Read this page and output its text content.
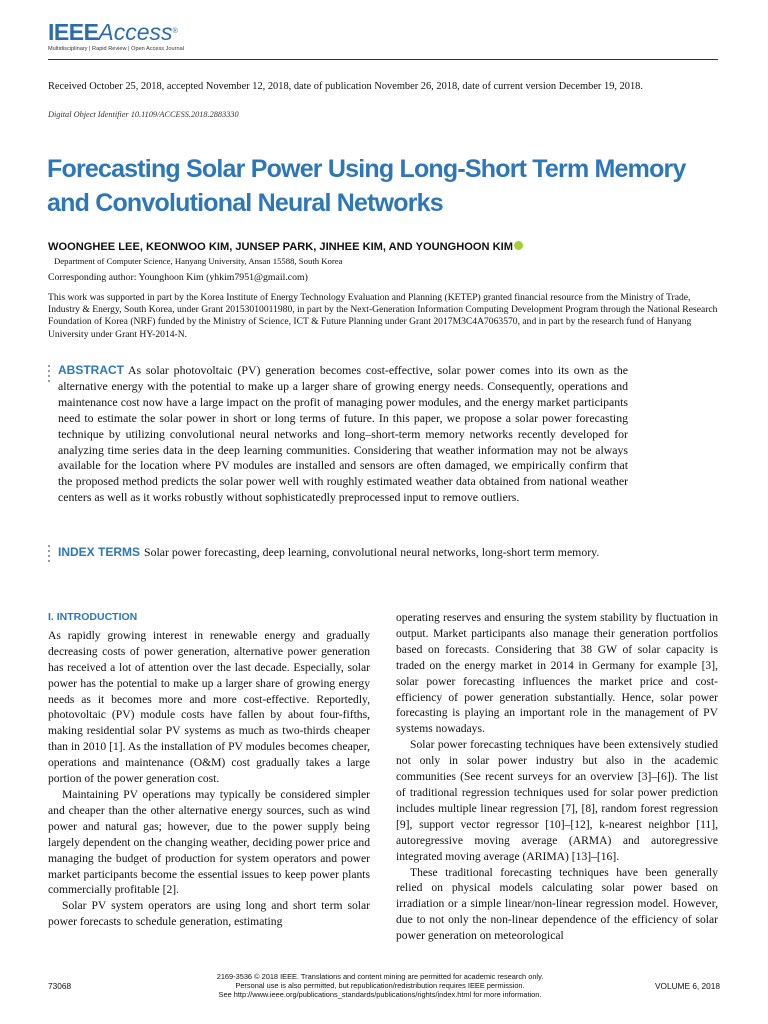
IEEEAccess®
Multidisciplinary | Rapid Review | Open Access Journal
Received October 25, 2018, accepted November 12, 2018, date of publication November 26, 2018, date of current version December 19, 2018.
Digital Object Identifier 10.1109/ACCESS.2018.2883330
Forecasting Solar Power Using Long-Short Term Memory and Convolutional Neural Networks
WOONGHEE LEE, KEONWOO KIM, JUNSEP PARK, JINHEE KIM, AND YOUNGHOON KIM
Department of Computer Science, Hanyang University, Ansan 15588, South Korea
Corresponding author: Younghoon Kim (yhkim7951@gmail.com)
This work was supported in part by the Korea Institute of Energy Technology Evaluation and Planning (KETEP) granted financial resource from the Ministry of Trade, Industry & Energy, South Korea, under Grant 20153010011980, in part by the Next-Generation Information Computing Development Program through the National Research Foundation of Korea (NRF) funded by the Ministry of Science, ICT & Future Planning under Grant 2017M3C4A7063570, and in part by the research fund of Hanyang University under Grant HY-2014-N.
ABSTRACT As solar photovoltaic (PV) generation becomes cost-effective, solar power comes into its own as the alternative energy with the potential to make up a larger share of growing energy needs. Consequently, operations and maintenance cost now have a large impact on the profit of managing power modules, and the energy market participants need to estimate the solar power in short or long terms of future. In this paper, we propose a solar power forecasting technique by utilizing convolutional neural networks and long–short-term memory networks recently developed for analyzing time series data in the deep learning communities. Considering that weather information may not be always available for the location where PV modules are installed and sensors are often damaged, we empirically confirm that the proposed method predicts the solar power well with roughly estimated weather data obtained from national weather centers as well as it works robustly without sophisticatedly preprocessed input to remove outliers.
INDEX TERMS Solar power forecasting, deep learning, convolutional neural networks, long-short term memory.
I. INTRODUCTION

As rapidly growing interest in renewable energy and gradually decreasing costs of power generation, alternative power generation has received a lot of attention over the last decade. Especially, solar power has the potential to make up a larger share of growing energy needs as it becomes more and more cost-effective. Reportedly, photovoltaic (PV) module costs have fallen by about four-fifths, making residential solar PV systems as much as two-thirds cheaper than in 2010 [1]. As the installation of PV modules becomes cheaper, operations and maintenance (O&M) cost gradually takes a large portion of the power generation cost.

Maintaining PV operations may typically be considered simpler and cheaper than the other alternative energy sources, such as wind power and natural gas; however, due to the power supply being largely dependent on the changing weather, deciding power price and managing the budget of production for system operators and power market participants become the essential issues to keep power plants commercially profitable [2].

Solar PV system operators are using long and short term solar power forecasts to schedule generation, estimating

operating reserves and ensuring the system stability by fluctuation in output. Market participants also manage their generation portfolios based on forecasts. Considering that 38 GW of solar capacity is traded on the energy market in 2014 in Germany for example [3], solar power forecasting influences the market price and cost-efficiency of power generation substantially. Hence, solar power forecasting is playing an important role in the management of PV systems nowadays.

Solar power forecasting techniques have been extensively studied not only in solar power industry but also in the academic communities (See recent surveys for an overview [3]–[6]). The list of traditional regression techniques used for solar power prediction includes multiple linear regression [7], [8], random forest regression [9], support vector regressor [10]–[12], k-nearest neighbor [11], autoregressive moving average (ARMA) and autoregressive integrated moving average (ARIMA) [13]–[16].

These traditional forecasting techniques have been generally relied on physical models calculating solar power based on irradiation or a simple linear/non-linear regression model. However, due to not only the non-linear dependence of the efficiency of solar power generation on meteorological

73068
2169-3536 © 2018 IEEE. Translations and content mining are permitted for academic research only.
Personal use is also permitted, but republication/redistribution requires IEEE permission.
See http://www.ieee.org/publications_standards/publications/rights/index.html for more information.
VOLUME 6, 2018
